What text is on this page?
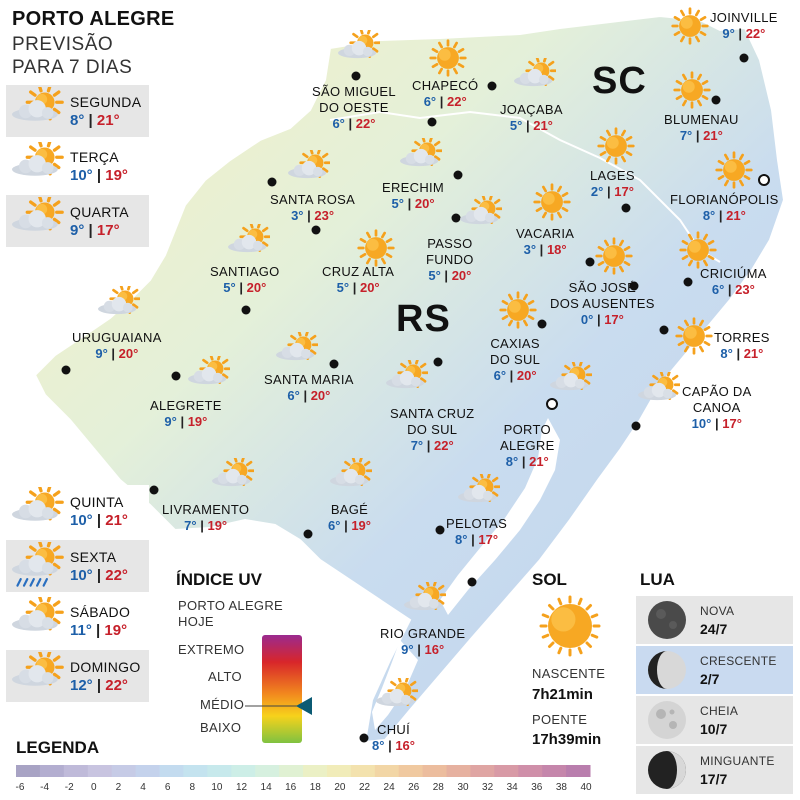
SEGUNDA
8° | 21°
TERÇA
10° | 19°
QUARTA
9° | 17°
QUINTA
10° | 21°
SEXTA
10° | 22°
SÁBADO
11° | 19°
DOMINGO
12° | 22°
JOINVILLE
9° | 22°
CHAPECÓ
6° | 22°
SÃO MIGUEL
DO OESTE
6° | 22°
JOAÇABA
5° | 21°	BLUMENAU
7° | 21°
LAGES
2° | 17°
FLORIANÓPOLIS
8° | 21°
SANTA ROSA
3° | 23°
ERECHIM
5° | 20°
VACARIA
3° | 18°
PASSO
FUNDO
5° | 20°
SANTIAGO
5° | 20°
CRUZ ALTA
5° | 20°	SÃO JOSÉ
DOS AUSENTES
0° | 17°
CRICIÚMA
6° | 23°
URUGUAIANA
9° | 20°
CAXIAS
DO SUL
6° | 20°
TORRES
8° | 21°
SANTA MARIA
6° | 20°
ALEGRETE
9° | 19°
SANTA CRUZ
DO SUL
7° | 22°
CAPÃO DA
CANOA
10° | 17°
PORTO
ALEGRE
8° | 21°
LIVRAMENTO
7° | 19°
BAGÉ
6° | 19°	PELOTAS
8° | 17°
RIO GRANDE
9° | 16°
CHUÍ
8° | 16°
PORTO ALEGRE
PREVISÃO
PARA 7 DIAS	SC
RS
ÍNDICE UV
PORTO ALEGRE
HOJE
EXTREMO
ALTO
MÉDIO
BAIXO
SOL
NASCENTE
7h21min
POENTE
17h39min
LUA
NOVA
24/7
CRESCENTE
2/7
CHEIA
10/7
MINGUANTE
17/7
LEGENDA
-6	-4	-2	0	2	4	6	8	10	12	14	16	18	20	22	24	26	28	30	32	34	36	38	40
